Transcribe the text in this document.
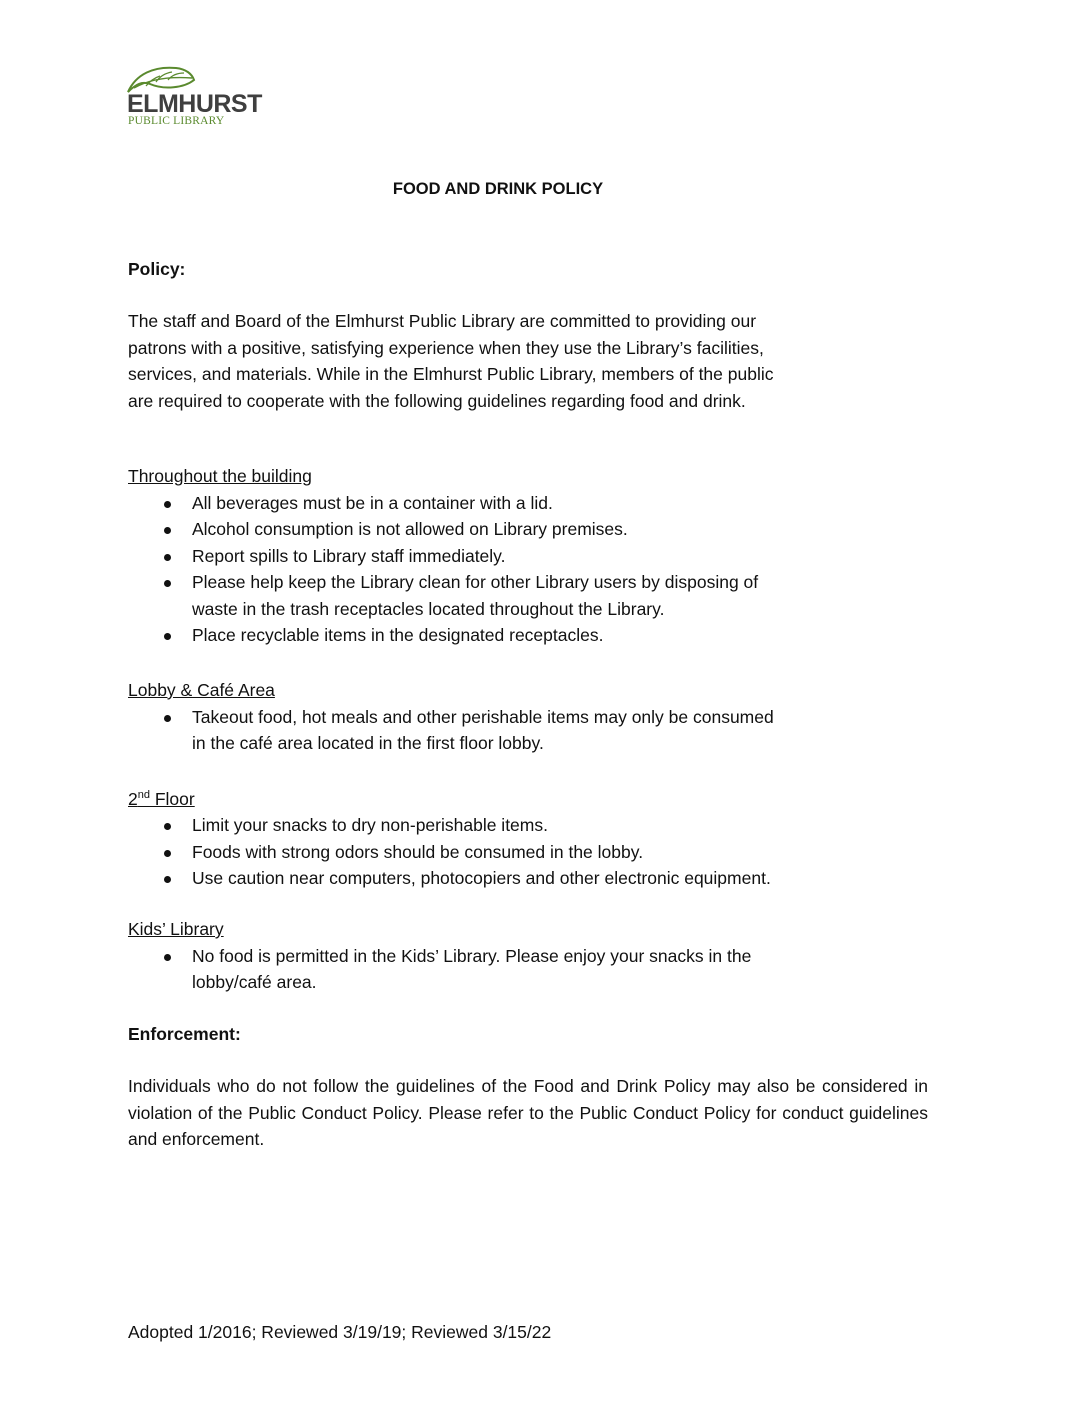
ELMHURST
PUBLIC LIBRARY
FOOD AND DRINK POLICY
Policy:
The staff and Board of the Elmhurst Public Library are committed to providing our
patrons with a positive, satisfying experience when they use the Library’s facilities,
services, and materials. While in the Elmhurst Public Library, members of the public
are required to cooperate with the following guidelines regarding food and drink.
Throughout the building
All beverages must be in a container with a lid.
Alcohol consumption is not allowed on Library premises.
Report spills to Library staff immediately.
Please help keep the Library clean for other Library users by disposing of
waste in the trash receptacles located throughout the Library.
Place recyclable items in the designated receptacles.
Lobby & Café Area
Takeout food, hot meals and other perishable items may only be consumed
in the café area located in the first floor lobby.
2nd Floor
Limit your snacks to dry non-perishable items.
Foods with strong odors should be consumed in the lobby.
Use caution near computers, photocopiers and other electronic equipment.
Kids’ Library
No food is permitted in the Kids’ Library. Please enjoy your snacks in the
lobby/café area.
Enforcement:
Individuals who do not follow the guidelines of the Food and Drink Policy may also be considered in violation of the Public Conduct Policy. Please refer to the Public Conduct Policy for conduct guidelines and enforcement.
Adopted 1/2016; Reviewed 3/19/19; Reviewed 3/15/22
